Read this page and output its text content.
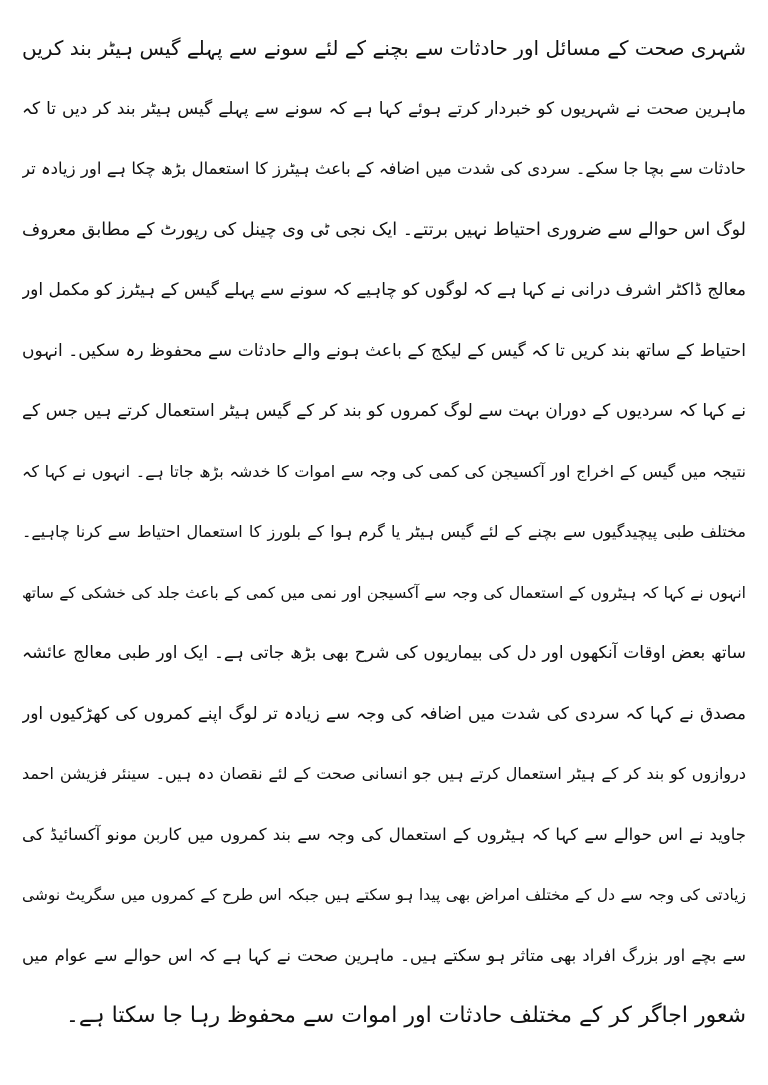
شہری صحت کے مسائل اور حادثات سے بچنے کے لئے سونے سے پہلے گیس ہیٹر بند کریں
ماہرین صحت نے شہریوں کو خبردار کرتے ہوئے کہا ہے کہ سونے سے پہلے گیس ہیٹر بند کر دیں تا کہ
حادثات سے بچا جا سکے۔ سردی کی شدت میں اضافہ کے باعث ہیٹرز کا استعمال بڑھ چکا ہے اور زیادہ تر
لوگ اس حوالے سے ضروری احتیاط نہیں برتتے۔ ایک نجی ٹی وی چینل کی رپورٹ کے مطابق معروف
معالج ڈاکٹر اشرف درانی نے کہا ہے کہ لوگوں کو چاہیے کہ سونے سے پہلے گیس کے ہیٹرز کو مکمل اور
احتیاط کے ساتھ بند کریں تا کہ گیس کے لیکج کے باعث ہونے والے حادثات سے محفوظ رہ سکیں۔ انہوں
نے کہا کہ سردیوں کے دوران بہت سے لوگ کمروں کو بند کر کے گیس ہیٹر استعمال کرتے ہیں جس کے
نتیجہ میں گیس کے اخراج اور آکسیجن کی کمی کی وجہ سے اموات کا خدشہ بڑھ جاتا ہے۔ انہوں نے کہا کہ
مختلف طبی پیچیدگیوں سے بچنے کے لئے گیس ہیٹر یا گرم ہوا کے بلورز کا استعمال احتیاط سے کرنا چاہیے۔
انہوں نے کہا کہ ہیٹروں کے استعمال کی وجہ سے آکسیجن اور نمی میں کمی کے باعث جلد کی خشکی کے ساتھ
ساتھ بعض اوقات آنکھوں اور دل کی بیماریوں کی شرح بھی بڑھ جاتی ہے۔ ایک اور طبی معالج عائشہ
مصدق نے کہا کہ سردی کی شدت میں اضافہ کی وجہ سے زیادہ تر لوگ اپنے کمروں کی کھڑکیوں اور
دروازوں کو بند کر کے ہیٹر استعمال کرتے ہیں جو انسانی صحت کے لئے نقصان دہ ہیں۔ سینئر فزیشن احمد
جاوید نے اس حوالے سے کہا کہ ہیٹروں کے استعمال کی وجہ سے بند کمروں میں کاربن مونو آکسائیڈ کی
زیادتی کی وجہ سے دل کے مختلف امراض بھی پیدا ہو سکتے ہیں جبکہ اس طرح کے کمروں میں سگریٹ نوشی
سے بچے اور بزرگ افراد بھی متاثر ہو سکتے ہیں۔ ماہرین صحت نے کہا ہے کہ اس حوالے سے عوام میں
شعور اجاگر کر کے مختلف حادثات اور اموات سے محفوظ رہا جا سکتا ہے۔
